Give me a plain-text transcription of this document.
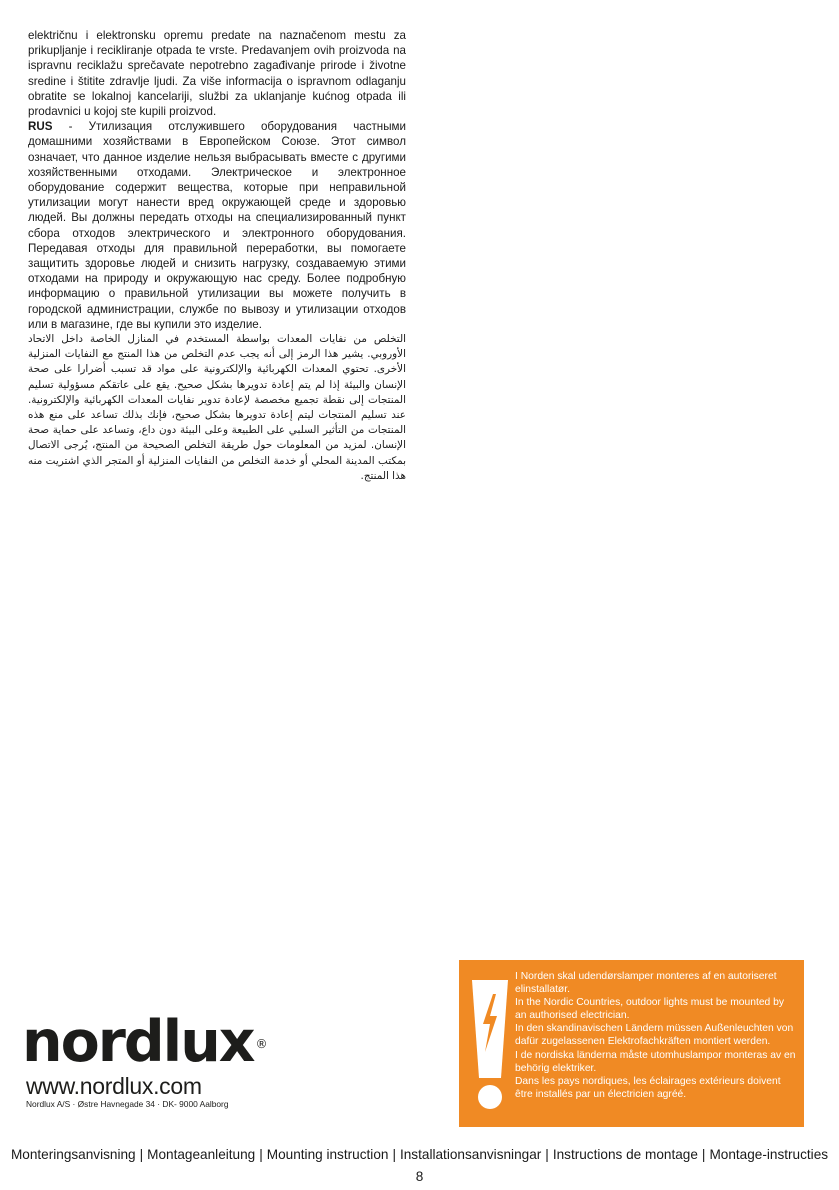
električnu i elektronsku opremu predate na naznačenom mestu za prikupljanje i recikliranje otpada te vrste. Predavanjem ovih proizvoda na ispravnu reciklažu sprečavate nepotrebno zagađivanje prirode i životne sredine i štitite zdravlje ljudi. Za više informacija o ispravnom odlaganju obratite se lokalnoj kancelariji, službi za uklanjanje kućnog otpada ili prodavnici u kojoj ste kupili proizvod.

RUS - Утилизация отслужившего оборудования частными домашними хозяйствами в Европейском Союзе. Этот символ означает, что данное изделие нельзя выбрасывать вместе с другими хозяйственными отходами. Электрическое и электронное оборудование содержит вещества, которые при неправильной утилизации могут нанести вред окружающей среде и здоровью людей. Вы должны передать отходы на специализированный пункт сбора отходов электрического и электронного оборудования. Передавая отходы для правильной переработки, вы помогаете защитить здоровье людей и снизить нагрузку, создаваемую этими отходами на природу и окружающую нас среду. Более подробную информацию о правильной утилизации вы можете получить в городской администрации, службе по вывозу и утилизации отходов или в магазине, где вы купили это изделие.

التخلص من نفايات المعدات بواسطة المستخدم في المنازل الخاصة داخل الاتحاد الأوروبي. يشير هذا الرمز إلى أنه يجب عدم التخلص من هذا المنتج مع النفايات المنزلية الأخرى. تحتوي المعدات الكهربائية والإلكترونية على مواد قد تسبب أضرارا على صحة الإنسان والبيئة إذا لم يتم إعادة تدويرها بشكل صحيح. يقع على عاتقكم مسؤولية تسليم المنتجات إلى نقطة تجميع مخصصة لإعادة تدوير نفايات المعدات الكهربائية والإلكترونية. عند تسليم المنتجات ليتم إعادة تدويرها بشكل صحيح، فإنك بذلك تساعد على منع هذه المنتجات من التأثير السلبي على الطبيعة وعلى البيئة دون داع، وتساعد على حماية صحة الإنسان. لمزيد من المعلومات حول طريقة التخلص الصحيحة من المنتج، يُرجى الاتصال بمكتب المدينة المحلي أو خدمة التخلص من النفايات المنزلية أو المتجر الذي اشتريت منه هذا المنتج.

nordlux ®
www.nordlux.com
Nordlux A/S · Østre Havnegade 34 · DK- 9000 Aalborg

I Norden skal udendørslamper monteres af en autoriseret elinstallatør.

In the Nordic Countries, outdoor lights must be mounted by an authorised electrician.

In den skandinavischen Ländern müssen Außenleuchten von dafür zugelassenen Elektrofachkräften montiert werden.

I de nordiska länderna måste utomhuslampor monteras av en behörig elektriker.

Dans les pays nordiques, les éclairages extérieurs doivent être installés par un électricien agréé.

Monteringsanvisning | Montageanleitung | Mounting instruction | Installationsanvisningar | Instructions de montage | Montage-instructies
8
